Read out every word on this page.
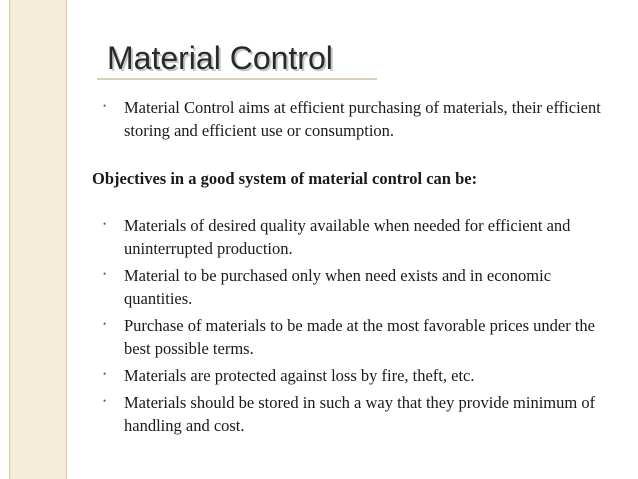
Material Control
• Material Control aims at efficient purchasing of materials, their efficient storing and efficient use or consumption.
Objectives in a good system of material control can be:
• Materials of desired quality available when needed for efficient and uninterrupted production.
• Material to be purchased only when need exists and in economic quantities.
• Purchase of materials to be made at the most favorable prices under the best possible terms.
• Materials are protected against loss by fire, theft, etc.
• Materials should be stored in such a way that they provide minimum of handling and cost.
